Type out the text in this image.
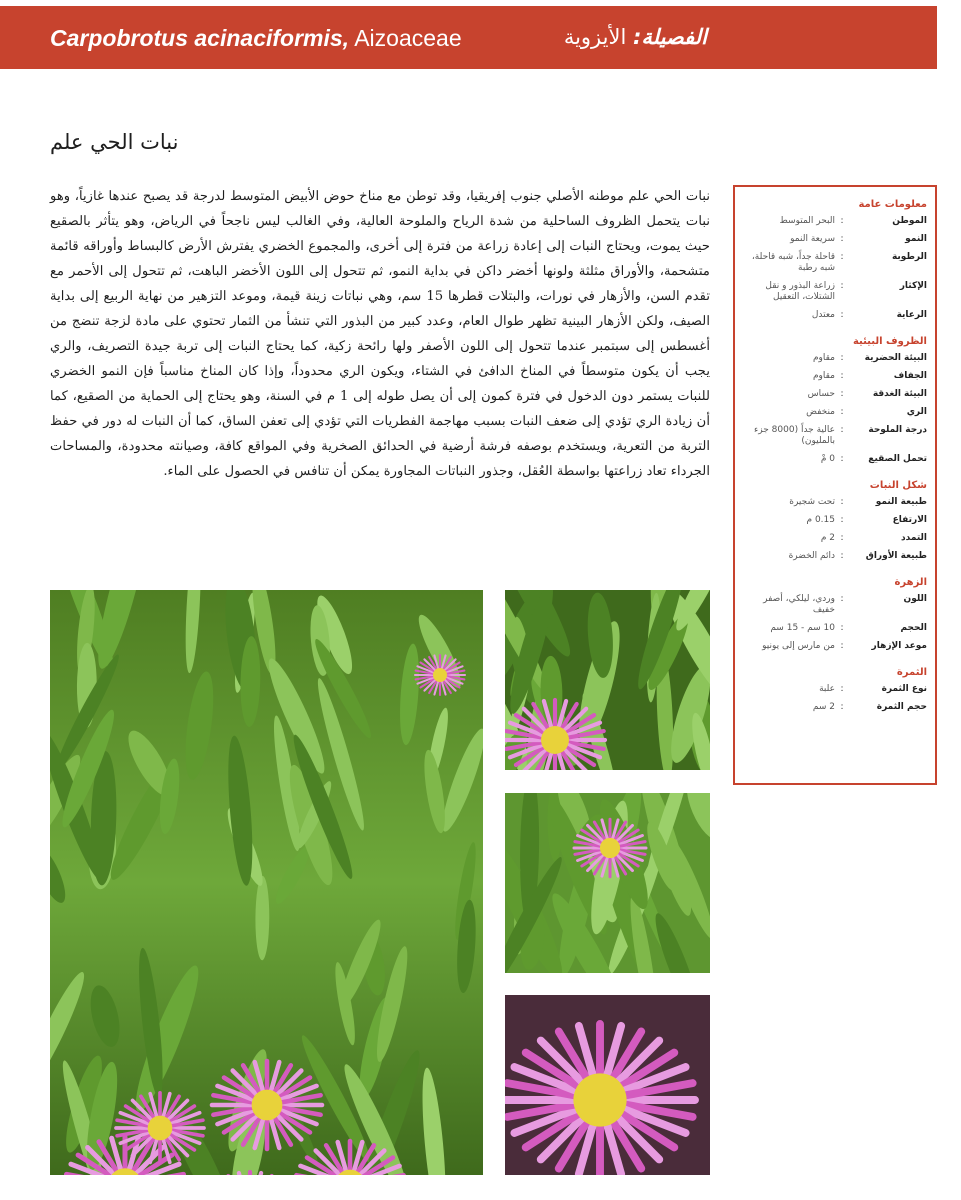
Carpobrotus acinaciformis, Aizoaceae	الفصيلة: الأيزوية
نبات الحي علم
نبات الحي علم موطنه الأصلي جنوب إفريقيا، وقد توطن مع مناخ حوض الأبيض المتوسط لدرجة قد يصبح عندها غازياً، وهو نبات يتحمل الظروف الساحلية من شدة الرياح والملوحة العالية، وفي الغالب ليس ناجحاً في الرياض، وهو يتأثر بالصقيع حيث يموت، ويحتاج النبات إلى إعادة زراعة من فترة إلى أخرى، والمجموع الخضري يفترش الأرض كالبساط وأوراقه قائمة متشحمة، والأوراق مثلثة ولونها أخضر داكن في بداية النمو، ثم تتحول إلى اللون الأخضر الباهت، ثم تتحول إلى الأحمر مع تقدم السن، والأزهار في نورات، والبتلات قطرها 15 سم، وهي نباتات زينة قيمة، وموعد التزهير من نهاية الربيع إلى بداية الصيف، ولكن الأزهار البينية تظهر طوال العام، وعدد كبير من البذور التي تنشأ من الثمار تحتوي على مادة لزجة تنضج من أغسطس إلى سبتمبر عندما تتحول إلى اللون الأصفر ولها رائحة زكية، كما يحتاج النبات إلى تربة جيدة التصريف، والري يجب أن يكون متوسطاً في المناخ الدافئ في الشتاء، ويكون الري محدوداً، وإذا كان المناخ مناسباً فإن النمو الخضري للنبات يستمر دون الدخول في فترة كمون إلى أن يصل طوله إلى 1 م في السنة، وهو يحتاج إلى الحماية من الصقيع، كما أن زيادة الري تؤدي إلى ضعف النبات بسبب مهاجمة الفطريات التي تؤدي إلى تعفن الساق، كما أن النبات له دور في حفظ التربة من التعرية، ويستخدم بوصفه فرشة أرضية في الحدائق الصخرية وفي المواقع كافة، وصيانته محدودة، والمساحات الجرداء تعاد زراعتها بواسطة العُقل، وجذور النباتات المجاورة يمكن أن تنافس في الحصول على الماء.
معلومات عامة
الموطن
:
البحر المتوسط
النمو
:
سريعة النمو
الرطوبة
:
قاحلة جداً، شبه قاحلة، شبه رطبة
الإكثار
:
زراعة البذور و نقل الشتلات، التعقيل
الرعاية
:
معتدل
الظروف البيئية
البيئة الحضرية
:
مقاوم
الجفاف
:
مقاوم
البيئة الغدقة
:
حساس
الري
:
منخفض
درجة الملوحة
:
عالية جداً (8000 جزء بالمليون)
تحمل الصقيع
:
0 مْ
شكل النبات
طبيعة النمو
:
تحت شجيرة
الارتفاع
:
0.15 م
التمدد
:
2 م
طبيعة الأوراق
:
دائم الخضرة
الزهرة
اللون
:
وردي، ليلكي، أصفر خفيف
الحجم
:
10 سم - 15 سم
موعد الإزهار
:
من مارس إلى يونيو
الثمرة
نوع الثمرة
:
علبة
حجم الثمرة
:
2 سم
